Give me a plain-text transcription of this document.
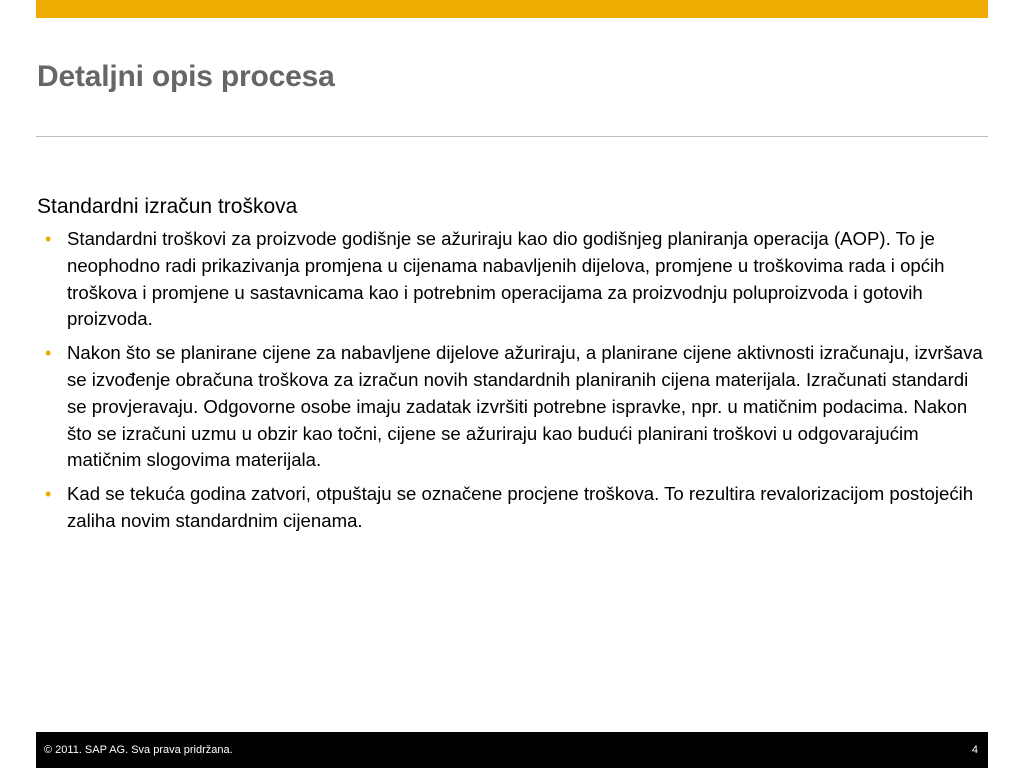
Detaljni opis procesa
Standardni izračun troškova
• Standardni troškovi za proizvode godišnje se ažuriraju kao dio godišnjeg planiranja operacija (AOP). To je neophodno radi prikazivanja promjena u cijenama nabavljenih dijelova, promjene u troškovima rada i općih troškova i promjene u sastavnicama kao i potrebnim operacijama za proizvodnju poluproizvoda i gotovih proizvoda.
• Nakon što se planirane cijene za nabavljene dijelove ažuriraju, a planirane cijene aktivnosti izračunaju, izvršava se izvođenje obračuna troškova za izračun novih standardnih planiranih cijena materijala. Izračunati standardi se provjeravaju. Odgovorne osobe imaju zadatak izvršiti potrebne ispravke, npr. u matičnim podacima. Nakon što se izračuni uzmu u obzir kao točni, cijene se ažuriraju kao budući planirani troškovi u odgovarajućim matičnim slogovima materijala.
• Kad se tekuća godina zatvori, otpuštaju se označene procjene troškova. To rezultira revalorizacijom postojećih zaliha novim standardnim cijenama.
© 2011. SAP AG. Sva prava pridržana.	4
